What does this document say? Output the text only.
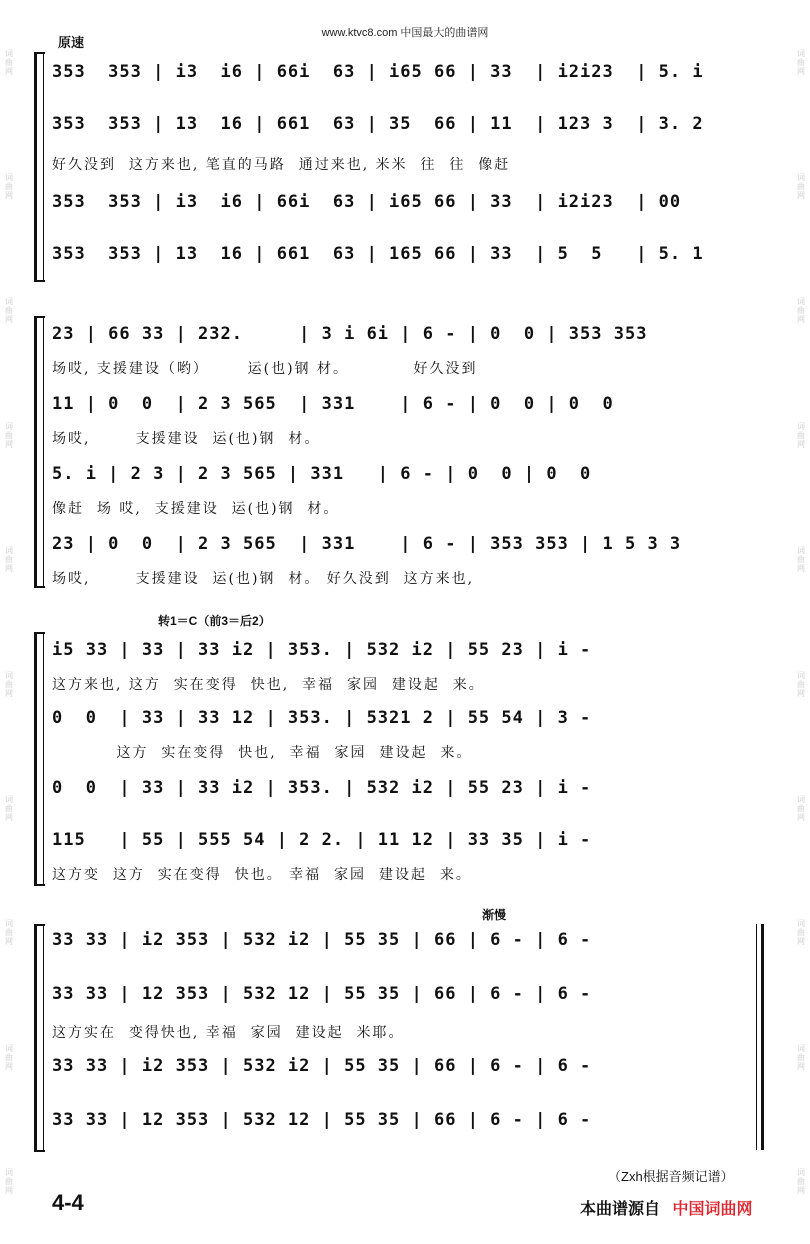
词曲网
词曲网
词曲网
词曲网
词曲网
词曲网
词曲网
词曲网
词曲网
词曲网
词曲网
词曲网
词曲网
词曲网
词曲网
词曲网
词曲网
词曲网
词曲网
词曲网
www.ktvc8.com 中国最大的曲谱网
原速
转1＝C（前3＝后2）
渐慢
353  353 | i3  i6 | 66i  63 | i65 66 | 33  | i2i23  | 5. i
353  353 | 13  16 | 661  63 | 35  66 | 11  | 123 3  | 3. 2
好久没到  这方来也, 笔直的马路  通过来也, 米米  往  往  像赶
353  353 | i3  i6 | 66i  63 | i65 66 | 33  | i2i23  | 00
353  353 | 13  16 | 661  63 | 165 66 | 33  | 5  5   | 5. 1
23 | 66 33 | 232.     | 3 i 6i | 6 - | 0  0 | 353 353
场哎, 支援建设（哟）      运(也)钢 材。          好久没到
11 | 0  0  | 2 3 565  | 331    | 6 - | 0  0 | 0  0
场哎,       支援建设  运(也)钢  材。
5. i | 2 3 | 2 3 565 | 331   | 6 - | 0  0 | 0  0
像赶  场 哎,  支援建设  运(也)钢  材。
23 | 0  0  | 2 3 565  | 331    | 6 - | 353 353 | 1 5 3 3
场哎,       支援建设  运(也)钢  材。 好久没到  这方来也,
i5 33 | 33 | 33 i2 | 353. | 532 i2 | 55 23 | i -
这方来也, 这方  实在变得  快也,  幸福  家园  建设起  来。
0  0  | 33 | 33 12 | 353. | 5321 2 | 55 54 | 3 -
这方  实在变得  快也,  幸福  家园  建设起  来。
0  0  | 33 | 33 i2 | 353. | 532 i2 | 55 23 | i -
115   | 55 | 555 54 | 2 2. | 11 12 | 33 35 | i -
这方变  这方  实在变得  快也。 幸福  家园  建设起  来。
33 33 | i2 353 | 532 i2 | 55 35 | 66 | 6 - | 6 -
33 33 | 12 353 | 532 12 | 55 35 | 66 | 6 - | 6 -
这方实在  变得快也, 幸福  家园  建设起  米耶。
33 33 | i2 353 | 532 i2 | 55 35 | 66 | 6 - | 6 -
33 33 | 12 353 | 532 12 | 55 35 | 66 | 6 - | 6 -
（Zxh根据音频记谱）
4-4	本曲谱源自 中国词曲网
